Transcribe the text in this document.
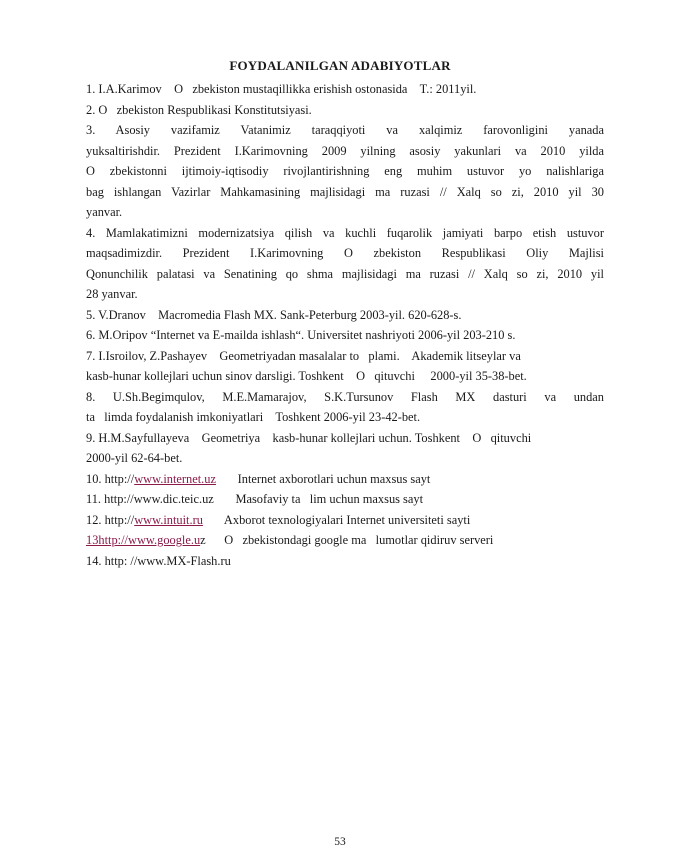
FOYDALANILGAN ADABIYOTLAR
1. I.A.Karimov    O   zbekiston mustaqillikka erishish ostonasida    T.: 2011yil.
2. O   zbekiston Respublikasi Konstitutsiyasi.
3. Asosiy vazifamiz Vatanimiz taraqqiyoti va xalqimiz farovonligini yanada
yuksaltirishdir. Prezident I.Karimovning 2009 yilning asosiy yakunlari va 2010 yilda
O zbekistonni ijtimoiy-iqtisodiy rivojlantirishning eng muhim ustuvor yo nalishlariga
bag ishlangan Vazirlar Mahkamasining majlisidagi ma ruzasi // Xalq so zi, 2010 yil 30
yanvar.
4. Mamlakatimizni modernizatsiya qilish va kuchli fuqarolik jamiyati barpo etish ustuvor
maqsadimizdir. Prezident I.Karimovning O zbekiston Respublikasi Oliy Majlisi
Qonunchilik palatasi va Senatining qo shma majlisidagi ma ruzasi // Xalq so zi, 2010 yil
28 yanvar.
5. V.Dranov    Macromedia Flash MX. Sank-Peterburg 2003-yil. 620-628-s.
6. M.Oripov “Internet va E-mailda ishlash“. Universitet nashriyoti 2006-yil 203-210 s.
7. I.Isroilov, Z.Pashayev    Geometriyadan masalalar to   plami.    Akademik litseylar va
kasb-hunar kollejlari uchun sinov darsligi. Toshkent    O   qituvchi     2000-yil 35-38-bet.
8. U.Sh.Begimqulov, M.E.Mamarajov, S.K.Tursunov Flash MX dasturi va undan
ta   limda foydalanish imkoniyatlari    Toshkent 2006-yil 23-42-bet.
9. H.M.Sayfullayeva    Geometriya    kasb-hunar kollejlari uchun. Toshkent    O   qituvchi
2000-yil 62-64-bet.
10. http://www.internet.uz       Internet axborotlari uchun maxsus sayt
11. http://www.dic.teic.uz       Masofaviy ta   lim uchun maxsus sayt
12. http://www.intuit.ru       Axborot texnologiyalari Internet universiteti sayti
13http://www.google.uz      O   zbekistondagi google ma   lumotlar qidiruv serveri
14. http: //www.MX-Flash.ru
53
